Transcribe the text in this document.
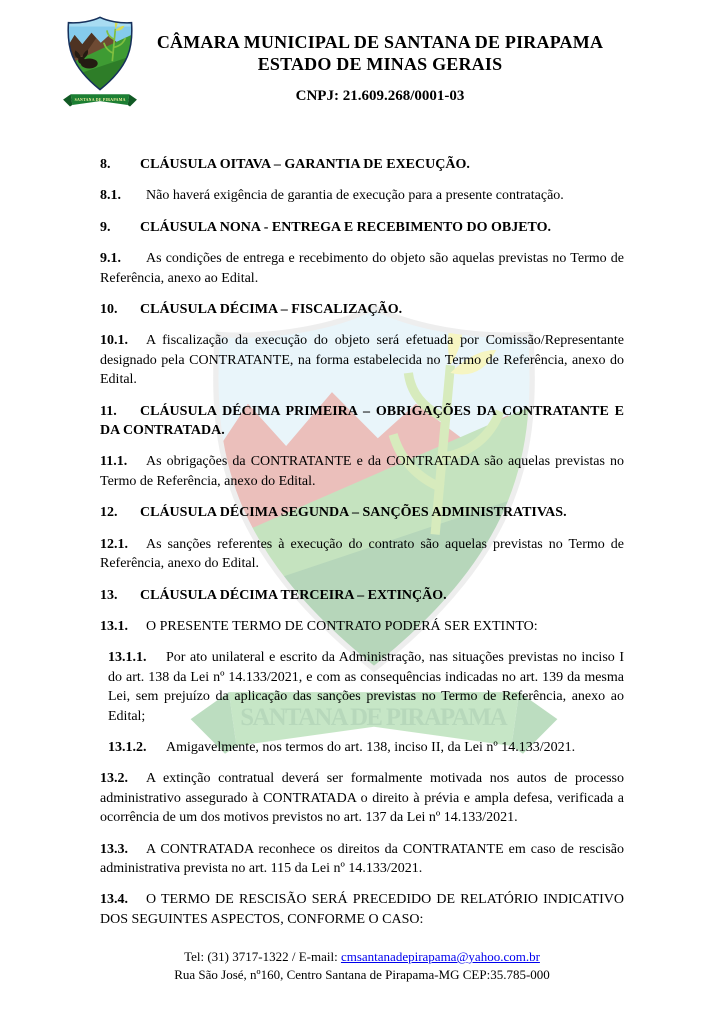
SANTANA DE PIRAPAMA
SANTANA DE PIRAPAMA
CÂMARA MUNICIPAL DE SANTANA DE PIRAPAMA
ESTADO DE MINAS GERAIS
CNPJ: 21.609.268/0001-03

8. CLÁUSULA OITAVA – GARANTIA DE EXECUÇÃO.

8.1. Não haverá exigência de garantia de execução para a presente contratação.

9. CLÁUSULA NONA - ENTREGA E RECEBIMENTO DO OBJETO.

9.1. As condições de entrega e recebimento do objeto são aquelas previstas no Termo de Referência, anexo ao Edital.

10. CLÁUSULA DÉCIMA – FISCALIZAÇÃO.

10.1. A fiscalização da execução do objeto será efetuada por Comissão/Representante designado pela CONTRATANTE, na forma estabelecida no Termo de Referência, anexo do Edital.

11. CLÁUSULA DÉCIMA PRIMEIRA – OBRIGAÇÕES DA CONTRATANTE E DA CONTRATADA.

11.1. As obrigações da CONTRATANTE e da CONTRATADA são aquelas previstas no Termo de Referência, anexo do Edital.

12. CLÁUSULA DÉCIMA SEGUNDA – SANÇÕES ADMINISTRATIVAS.

12.1. As sanções referentes à execução do contrato são aquelas previstas no Termo de Referência, anexo do Edital.

13. CLÁUSULA DÉCIMA TERCEIRA – EXTINÇÃO.

13.1. O PRESENTE TERMO DE CONTRATO PODERÁ SER EXTINTO:

13.1.1. Por ato unilateral e escrito da Administração, nas situações previstas no inciso I do art. 138 da Lei nº 14.133/2021, e com as consequências indicadas no art. 139 da mesma Lei, sem prejuízo da aplicação das sanções previstas no Termo de Referência, anexo ao Edital;

13.1.2. Amigavelmente, nos termos do art. 138, inciso II, da Lei nº 14.133/2021.

13.2. A extinção contratual deverá ser formalmente motivada nos autos de processo administrativo assegurado à CONTRATADA o direito à prévia e ampla defesa, verificada a ocorrência de um dos motivos previstos no art. 137 da Lei nº 14.133/2021.

13.3. A CONTRATADA reconhece os direitos da CONTRATANTE em caso de rescisão administrativa prevista no art. 115 da Lei nº 14.133/2021.

13.4. O TERMO DE RESCISÃO SERÁ PRECEDIDO DE RELATÓRIO INDICATIVO DOS SEGUINTES ASPECTOS, CONFORME O CASO:

Tel: (31) 3717-1322 / E-mail: cmsantanadepirapama@yahoo.com.br
Rua São José, nº160, Centro Santana de Pirapama-MG CEP:35.785-000
